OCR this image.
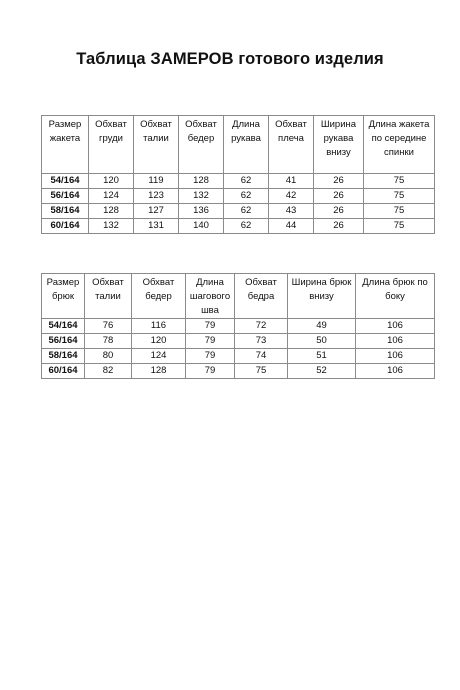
Таблица ЗАМЕРОВ готового изделия
Размер жакета	Обхват груди	Обхват талии	Обхват бедер	Длина рукава	Обхват плеча	Ширина рукава внизу	Длина жакета по середине спинки
54/164	120	119	128	62	41	26	75
56/164	124	123	132	62	42	26	75
58/164	128	127	136	62	43	26	75
60/164	132	131	140	62	44	26	75
Размер брюк	Обхват талии	Обхват бедер	Длина шагового шва	Обхват бедра	Ширина брюк внизу	Длина брюк по боку
54/164	76	116	79	72	49	106
56/164	78	120	79	73	50	106
58/164	80	124	79	74	51	106
60/164	82	128	79	75	52	106
